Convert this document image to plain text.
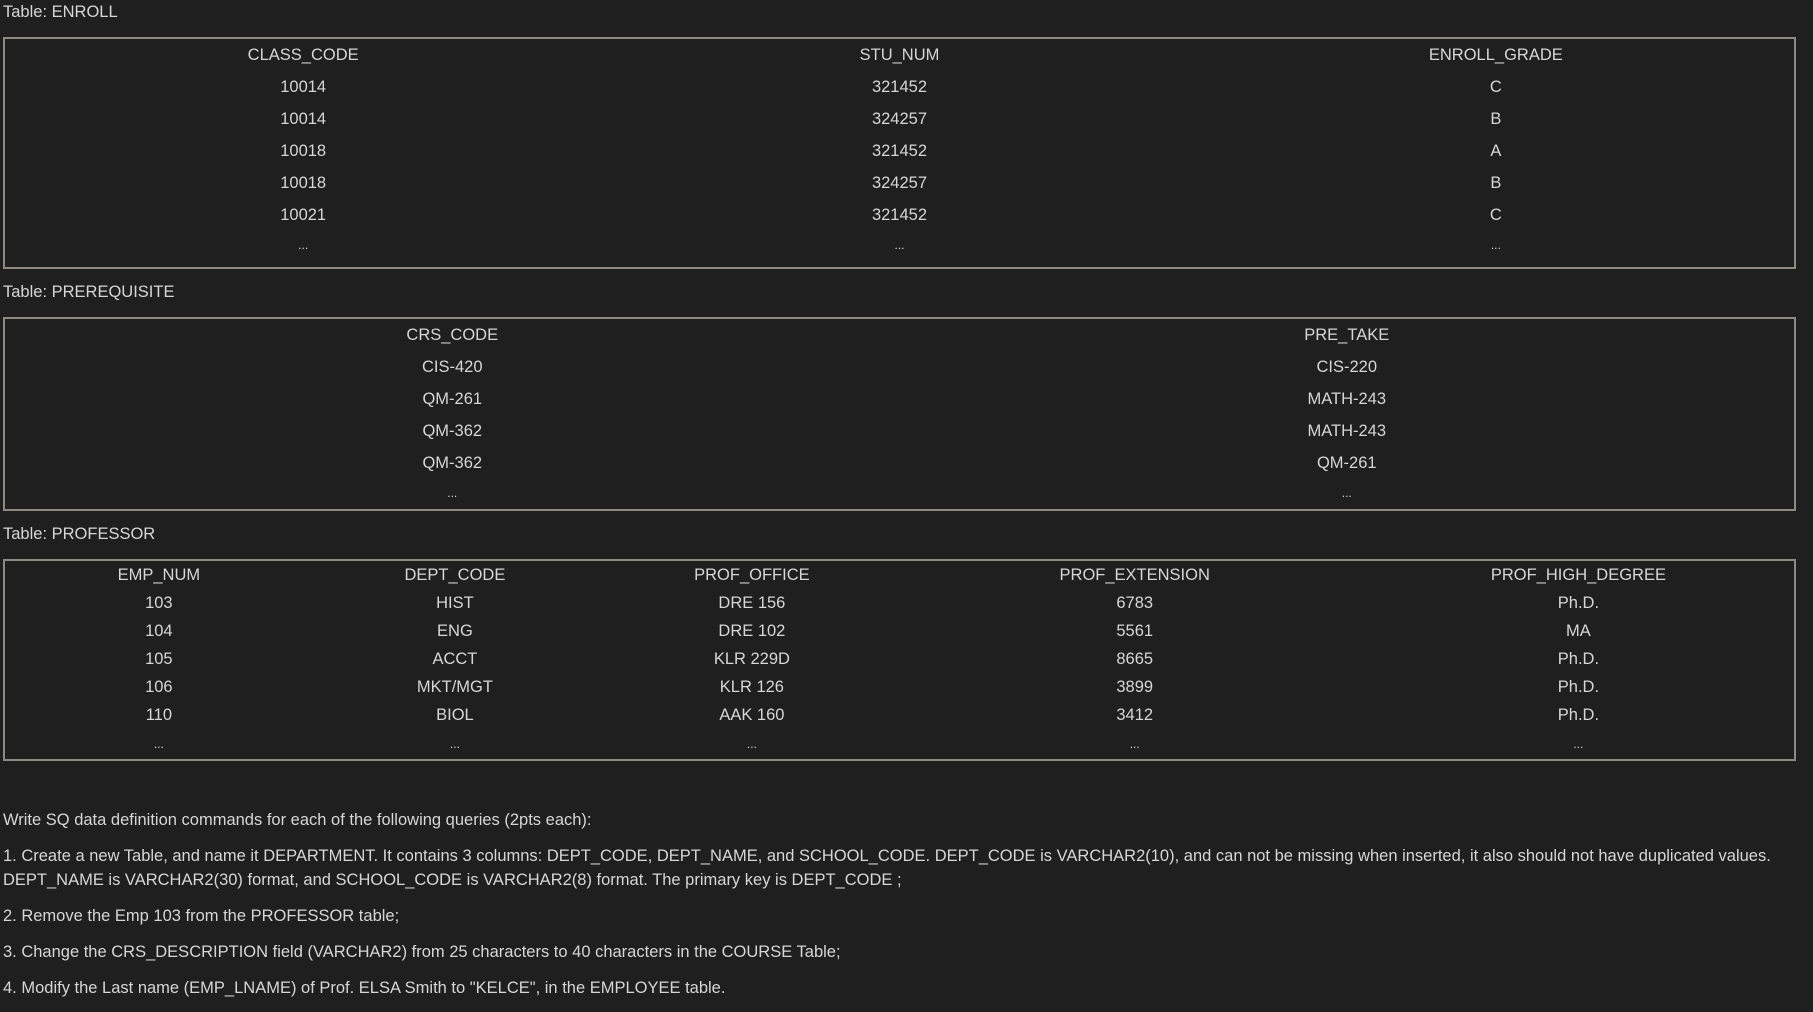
Table: ENROLL
CLASS_CODE	STU_NUM	ENROLL_GRADE
10014	321452	C
10014	324257	B
10018	321452	A
10018	324257	B
10021	321452	C
...	...	...
Table: PREREQUISITE
CRS_CODE	PRE_TAKE
CIS-420	CIS-220
QM-261	MATH-243
QM-362	MATH-243
QM-362	QM-261
...	...
Table: PROFESSOR
EMP_NUM	DEPT_CODE	PROF_OFFICE	PROF_EXTENSION	PROF_HIGH_DEGREE
103	HIST	DRE 156	6783	Ph.D.
104	ENG	DRE 102	5561	MA
105	ACCT	KLR 229D	8665	Ph.D.
106	MKT/MGT	KLR 126	3899	Ph.D.
110	BIOL	AAK 160	3412	Ph.D.
...	...	...	...	...

Write SQ data definition commands for each of the following queries (2pts each):

1. Create a new Table, and name it DEPARTMENT. It contains 3 columns: DEPT_CODE, DEPT_NAME, and SCHOOL_CODE. DEPT_CODE is VARCHAR2(10), and can not be missing when inserted, it also should not have duplicated values. DEPT_NAME is VARCHAR2(30) format, and SCHOOL_CODE is VARCHAR2(8) format. The primary key is DEPT_CODE ;

2. Remove the Emp 103 from the PROFESSOR table;

3. Change the CRS_DESCRIPTION field (VARCHAR2) from 25 characters to 40 characters in the COURSE Table;

4. Modify the Last name (EMP_LNAME) of Prof. ELSA Smith to "KELCE", in the EMPLOYEE table.
